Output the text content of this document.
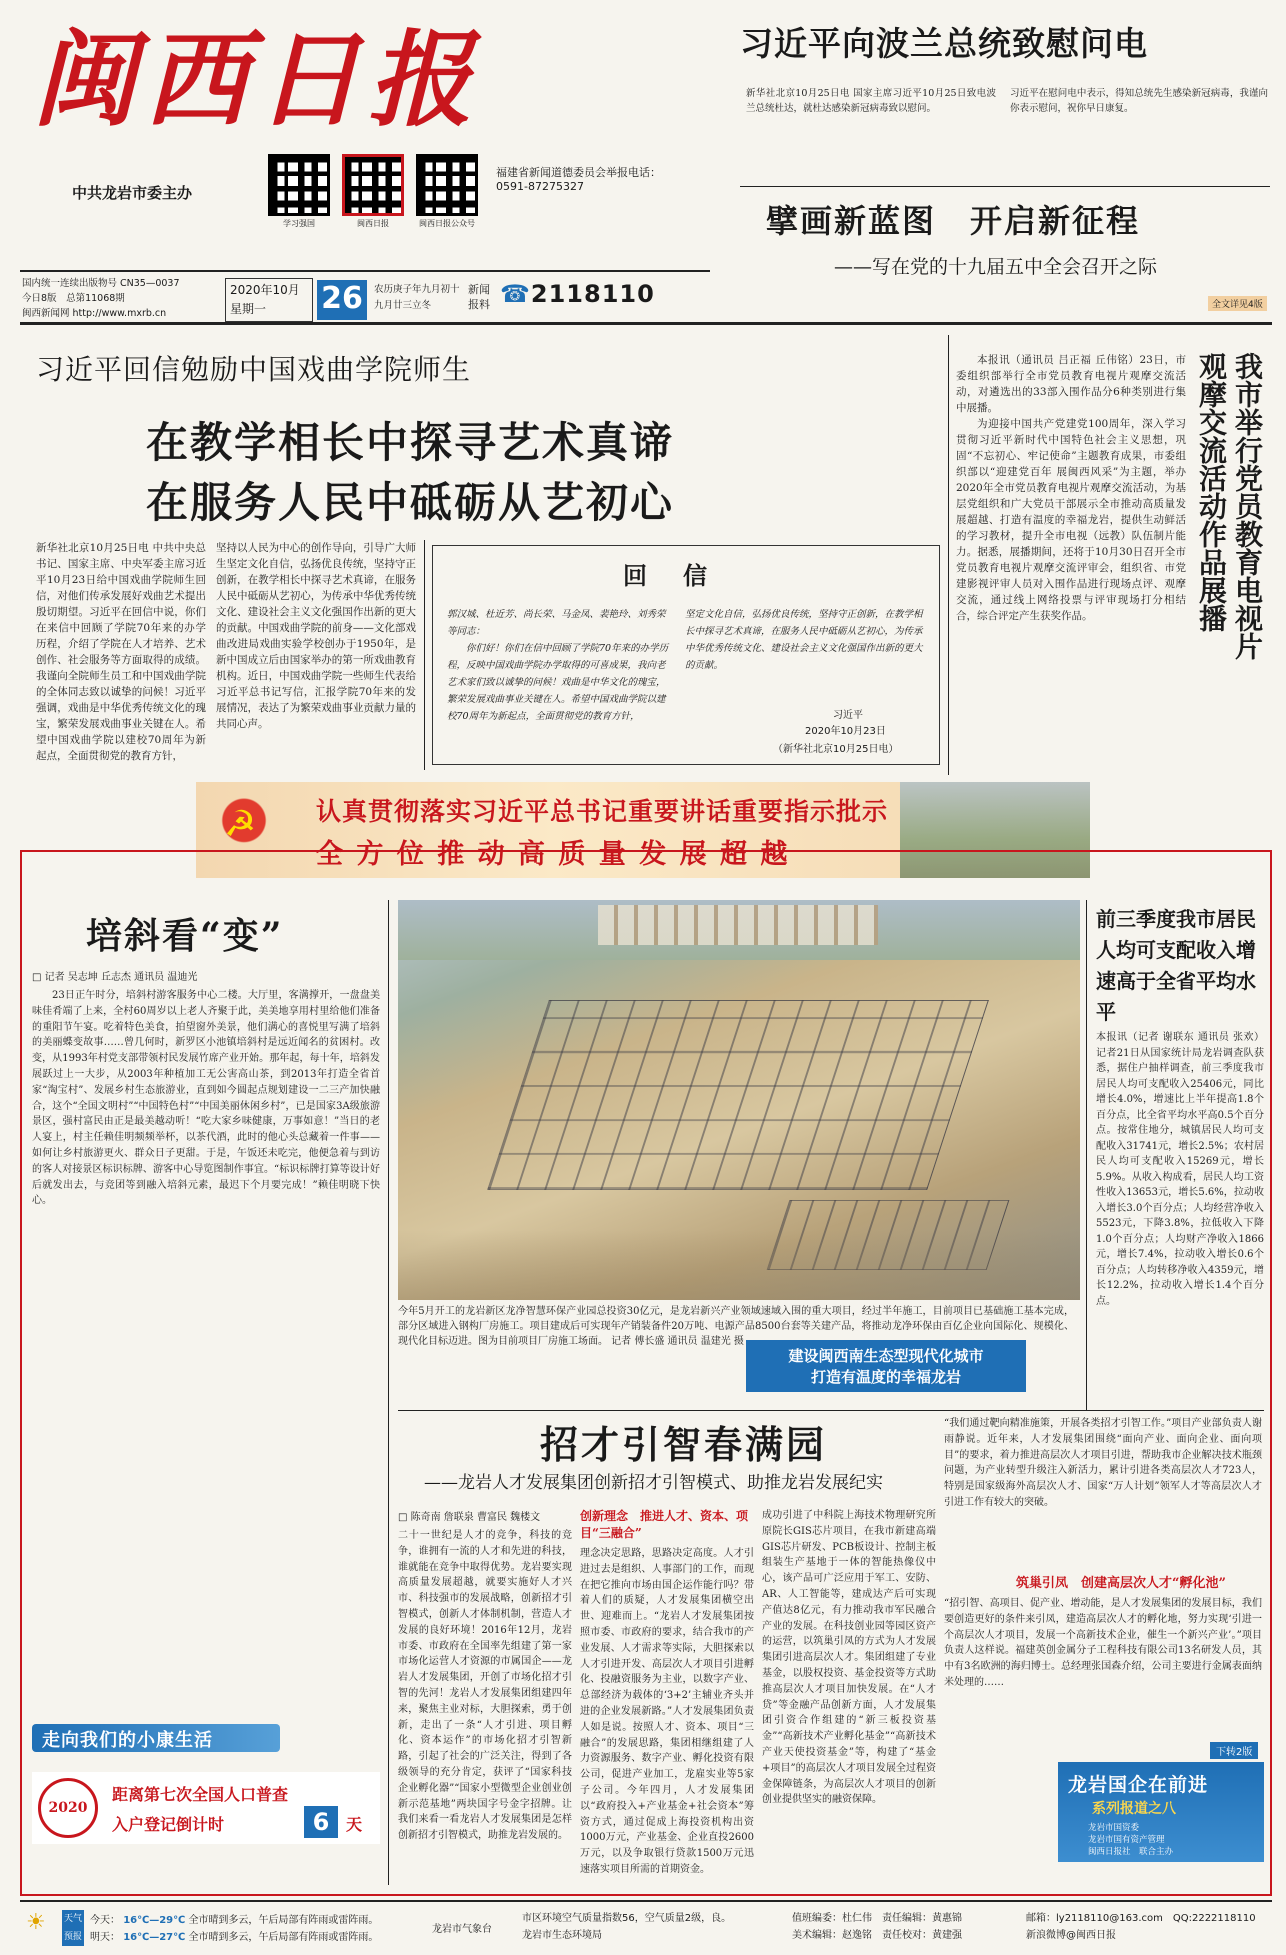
闽西日报
中共龙岩市委主办
学习强国	闽西日报	闽西日报公众号
福建省新闻道德委员会举报电话：
0591-87275327
国内统一连续出版物号 CN35—0037
今日8版　 总第11068期
闽西新闻网 http://www.mxrb.cn
2020年10月
星期一	26	农历庚子年九月初十
九月廿三立冬
新闻报料 ☎2118110
习近平向波兰总统致慰问电
新华社北京10月25日电 国家主席习近平10月25日致电波兰总统杜达，就杜达感染新冠病毒致以慰问。
习近平在慰问电中表示，得知总统先生感染新冠病毒，我谨向你表示慰问，祝你早日康复。
擘画新蓝图　开启新征程
——写在党的十九届五中全会召开之际
全文详见4版
习近平回信勉励中国戏曲学院师生
在教学相长中探寻艺术真谛
在服务人民中砥砺从艺初心
新华社北京10月25日电 中共中央总书记、国家主席、中央军委主席习近平10月23日给中国戏曲学院师生回信，对他们传承发展好戏曲艺术提出殷切期望。习近平在回信中说，你们在来信中回顾了学院70年来的办学历程，介绍了学院在人才培养、艺术创作、社会服务等方面取得的成绩。我谨向全院师生员工和中国戏曲学院的全体同志致以诚挚的问候！习近平强调，戏曲是中华优秀传统文化的瑰宝，繁荣发展戏曲事业关键在人。希望中国戏曲学院以建校70周年为新起点，全面贯彻党的教育方针，
坚持以人民为中心的创作导向，引导广大师生坚定文化自信，弘扬优良传统，坚持守正创新，在教学相长中探寻艺术真谛，在服务人民中砥砺从艺初心，为传承中华优秀传统文化、建设社会主义文化强国作出新的更大的贡献。中国戏曲学院的前身——文化部戏曲改进局戏曲实验学校创办于1950年，是新中国成立后由国家举办的第一所戏曲教育机构。近日，中国戏曲学院一些师生代表给习近平总书记写信，汇报学院70年来的发展情况，表达了为繁荣戏曲事业贡献力量的共同心声。
回　信
郭汉城、杜近芳、尚长荣、马金凤、裴艳玲、刘秀荣等同志：
你们好！你们在信中回顾了学院70年来的办学历程，反映中国戏曲学院办学取得的可喜成果，我向老艺术家们致以诚挚的问候！戏曲是中华文化的瑰宝，繁荣发展戏曲事业关键在人。希望中国戏曲学院以建校70周年为新起点，全面贯彻党的教育方针，
坚定文化自信，弘扬优良传统，坚持守正创新，在教学相长中探寻艺术真谛，在服务人民中砥砺从艺初心，为传承中华优秀传统文化、建设社会主义文化强国作出新的更大的贡献。
习近平
2020年10月23日
（新华社北京10月25日电）

本报讯（通讯员 吕正福 丘伟铭）23日，市委组织部举行全市党员教育电视片观摩交流活动，对遴选出的33部入围作品分6种类别进行集中展播。

为迎接中国共产党建党100周年，深入学习贯彻习近平新时代中国特色社会主义思想，巩固“不忘初心、牢记使命”主题教育成果，市委组织部以“迎建党百年 展闽西风采”为主题，举办2020年全市党员教育电视片观摩交流活动，为基层党组织和广大党员干部展示全市推动高质量发展超越、打造有温度的幸福龙岩，提供生动鲜活的学习教材，提升全市电视（远教）队伍制片能力。据悉，展播期间，还将于10月30日召开全市党员教育电视片观摩交流评审会，组织省、市党建影视评审人员对入围作品进行现场点评、观摩交流，通过线上网络投票与评审现场打分相结合，综合评定产生获奖作品。	观摩交流活动作品展播 我市举行党员教育电视片
☭ 认真贯彻落实习近平总书记重要讲话重要指示批示
全 方 位 推 动 高 质 量 发 展 超 越
培斜看“变”
□ 记者 吴志坤 丘志杰 通讯员 温迪光

23日正午时分，培斜村游客服务中心二楼。大厅里，客满撑开，一盘盘美味佳肴端了上来，全村60周岁以上老人齐聚于此，美美地享用村里给他们准备的重阳节午宴。吃着特色美食，拍望窗外美景，他们满心的喜悦里写满了培斜的美丽蝶变故事……曾几何时，新罗区小池镇培斜村是远近闻名的贫困村。改变，从1993年村党支部带领村民发展竹席产业开始。那年起，每十年，培斜发展跃过上一大步，从2003年种植加工无公害高山茶，到2013年打造全省首家“淘宝村”、发展乡村生态旅游业，直到如今圆起点规划建设一二三产加快融合，这个“全国文明村”“中国特色村”“中国美丽休闲乡村”，已是国家3A级旅游景区，强村富民由正是最美越动听！“吃大家乡味健康，万事如意！”当日的老人宴上，村主任赖佳明频频举杯，以茶代酒，此时的他心头总藏着一件事——如何让乡村旅游更火、群众日子更甜。于是，午饭还未吃完，他便急着与到访的客人对接景区标识标牌、游客中心导览图制作事宜。“标识标牌打算等设计好后就发出去，与竞团等到融入培斜元素，最迟下个月要完成！”赖佳明晓下快心。

走向我们的小康生活
2020
距离第七次全国人口普查
入户登记倒计时	6	天
今年5月开工的龙岩新区龙净智慧环保产业园总投资30亿元，是龙岩新兴产业领域速域入围的重大项目，经过半年施工，目前项目已基础施工基本完成，部分区域进入钢构厂房施工。项目建成后可实现年产销装备件20万吨、电源产品8500台套等关建产品，将推动龙净环保由百亿企业向国际化、规模化、现代化目标迈进。图为目前项目厂房施工场面。 记者 傅长盛 通讯员 温建光 摄
建设闽西南生态型现代化城市
打造有温度的幸福龙岩
前三季度我市居民人均可支配收入增速高于全省平均水平
本报讯（记者 谢联东 通讯员 张欢）记者21日从国家统计局龙岩调查队获悉，据住户抽样调查，前三季度我市居民人均可支配收入25406元，同比增长4.0%，增速比上半年提高1.8个百分点，比全省平均水平高0.5个百分点。按常住地分，城镇居民人均可支配收入31741元，增长2.5%；农村居民人均可支配收入15269元，增长5.9%。从收入构成看，居民人均工资性收入13653元，增长5.6%，拉动收入增长3.0个百分点；人均经营净收入5523元，下降3.8%，拉低收入下降1.0个百分点；人均财产净收入1866元，增长7.4%，拉动收入增长0.6个百分点；人均转移净收入4359元，增长12.2%，拉动收入增长1.4个百分点。
招才引智春满园
——龙岩人才发展集团创新招才引智模式、助推龙岩发展纪实
□ 陈奇南 詹联泉 曹富民 魏楼文
二十一世纪是人才的竞争，科技的竞争，谁拥有一流的人才和先进的科技，谁就能在竞争中取得优势。龙岩要实现高质量发展超越，就要实施好人才兴市、科技强市的发展战略，创新招才引智模式，创新人才体制机制，营造人才发展的良好环境！2016年12月，龙岩市委、市政府在全国率先组建了第一家市场化运营人才资源的市属国企——龙岩人才发展集团，开创了市场化招才引智的先河！龙岩人才发展集团组建四年来，聚焦主业对标，大胆探索，勇于创新，走出了一条“人才引进、项目孵化、资本运作”的市场化招才引智新路，引起了社会的广泛关注，得到了各级领导的充分肯定，获评了“国家科技企业孵化器”“国家小型微型企业创业创新示范基地”两块国字号金字招牌。让我们来看一看龙岩人才发展集团是怎样创新招才引智模式，助推龙岩发展的。
创新理念　推进人才、资本、项目“三融合”
理念决定思路，思路决定高度。人才引进过去是组织、人事部门的工作，而现在把它推向市场由国企运作能行吗？带着人们的质疑，人才发展集团横空出世、迎难而上。“龙岩人才发展集团按照市委、市政府的要求，结合我市的产业发展、人才需求等实际，大胆探索以人才引进开发、高层次人才项目引进孵化、投融资服务为主业，以数字产业、总部经济为载体的‘3+2’主辅业齐头并进的企业发展新路。”人才发展集团负责人如是说。按照人才、资本、项目“三融合”的发展思路，集团相继组建了人力资源服务、数字产业、孵化投资有限公司，促进产业加工，龙雇实业等5家子公司。今年四月，人才发展集团以“政府投入+产业基金+社会资本”筹资方式，通过促成上海投资机构出资1000万元，产业基金、企业直投2600万元，以及争取银行贷款1500万元迅速落实项目所需的首期资金。
成功引进了中科院上海技术物理研究所原院长GIS芯片项目，在我市新建高端GIS芯片研发、PCB板设计、控制主板组装生产基地于一体的智能热像仪中心，该产品可广泛应用于军工、安防、AR、人工智能等，建成达产后可实现产值达8亿元，有力推动我市军民融合产业的发展。在科技创业园等园区资产的运营，以筑巢引凤的方式为人才发展集团引进高层次人才。集团组建了专业基金，以股权投资、基金投资等方式助推高层次人才项目加快发展。在“人才贷”等金融产品创新方面，人才发展集团引资合作组建的“新三板投资基金”“高新技术产业孵化基金”“高新技术产业天使投资基金”等，构建了“基金+项目”的高层次人才项目发展全过程资金保障链条，为高层次人才项目的创新创业提供坚实的融资保障。
“我们通过靶向精准施策，开展各类招才引智工作。”项目产业部负责人谢雨静说。近年来，人才发展集团围绕“面向产业、面向企业、面向项目”的要求，着力推进高层次人才项目引进，帮助我市企业解决技术瓶颈问题，为产业转型升级注入新活力，累计引进各类高层次人才723人，特别是国家级海外高层次人才、国家“万人计划”领军人才等高层次人才引进工作有较大的突破。
筑巢引凤　创建高层次人才“孵化池”
“招引智、高项目、促产业、增动能，是人才发展集团的发展目标，我们要创造更好的条件来引凤，建造高层次人才的孵化地，努力实现‘引进一个高层次人才项目，发展一个高新技术企业，催生一个新兴产业’。”项目负责人这样说。福建英创金属分子工程科技有限公司13名研发人员，其中有3名欧洲的海归博士。总经理张国森介绍，公司主要进行金属表面纳米处理的……
下转2版
龙岩国企在前进
系列报道之八
龙岩市国资委
龙岩市国有资产管理
闽西日报社　联合主办
☀ 天气
预报
今天： 16℃—29℃ 全市晴到多云，午后局部有阵雨或雷阵雨。
明天： 16℃—27℃ 全市晴到多云，午后局部有阵雨或雷阵雨。
龙岩市气象台
市区环境空气质量指数56，空气质量2级，良。
龙岩市生态环境局
值班编委：杜仁伟　责任编辑：黄惠锦
美术编辑：赵逸铭　责任校对：黄建强
邮箱：ly2118110@163.com　QQ:2222118110
新浪微博@闽西日报
